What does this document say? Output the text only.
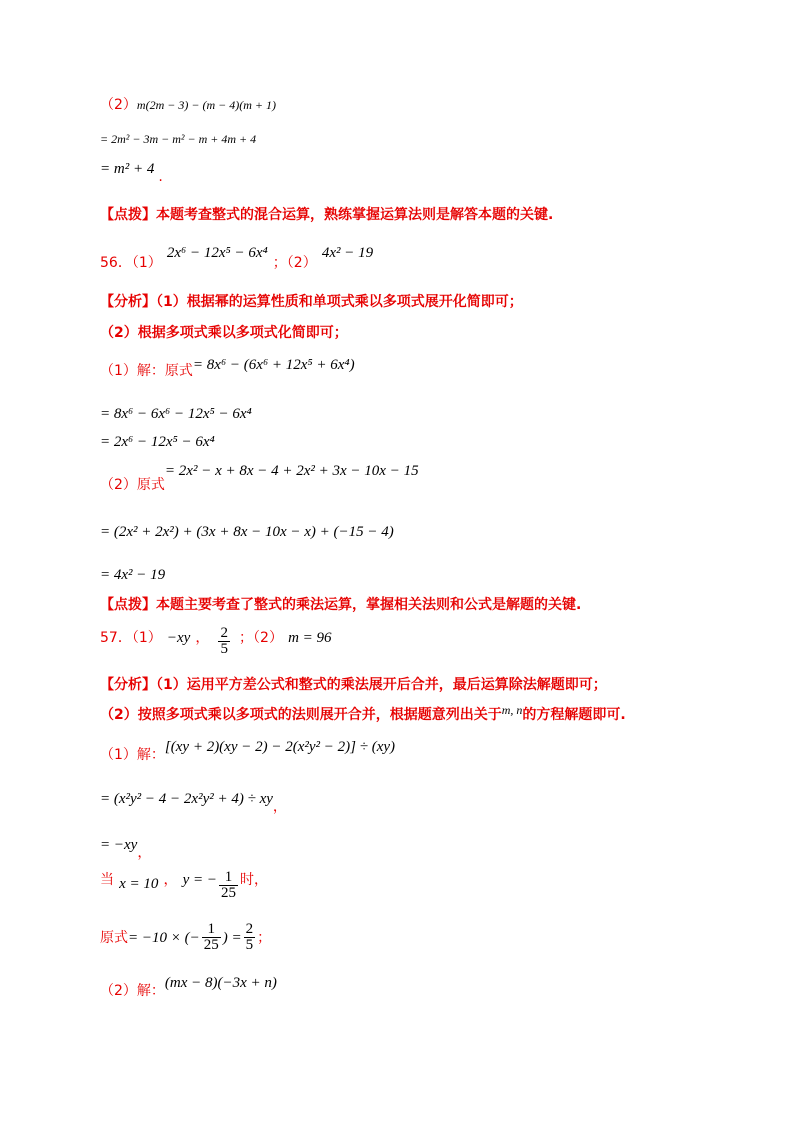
（2）m(2m − 3) − (m − 4)(m + 1)
= 2m² − 3m − m² − m + 4m + 4
= m² + 4 .
【点拨】本题考查整式的混合运算，熟练掌握运算法则是解答本题的关键.
56．（1） 2x⁶ − 12x⁵ − 6x⁴ ；（2） 4x² − 19
【分析】（1）根据幂的运算性质和单项式乘以多项式展开化简即可；
（2）根据多项式乘以多项式化简即可；
（1）解：原式= 8x⁶ − (6x⁶ + 12x⁵ + 6x⁴)
= 8x⁶ − 6x⁶ − 12x⁵ − 6x⁴
= 2x⁶ − 12x⁵ − 6x⁴
（2）原式= 2x² − x + 8x − 4 + 2x² + 3x − 10x − 15
= (2x² + 2x²) + (3x + 8x − 10x − x) + (−15 − 4)
= 4x² − 19
【点拨】本题主要考查了整式的乘法运算，掌握相关法则和公式是解题的关键.
57．（1） −xy ， $\frac{2}{5}$ ；（2） m = 96
【分析】（1）运用平方差公式和整式的乘法展开后合并，最后运算除法解题即可；
（2）按照多项式乘以多项式的法则展开合并，根据题意列出关于m, n的方程解题即可.
（1）解：[(xy + 2)(xy − 2) − 2(x²y² − 2)] ÷ (xy)
= (x²y² − 4 − 2x²y² + 4) ÷ xy，
= −xy，
当 x = 10 ， y = − $\frac{1}{25}$ 时，
原式= −10 × (− $\frac{1}{25}$ ) = $\frac{2}{5}$ ；
（2）解：(mx − 8)(−3x + n)
